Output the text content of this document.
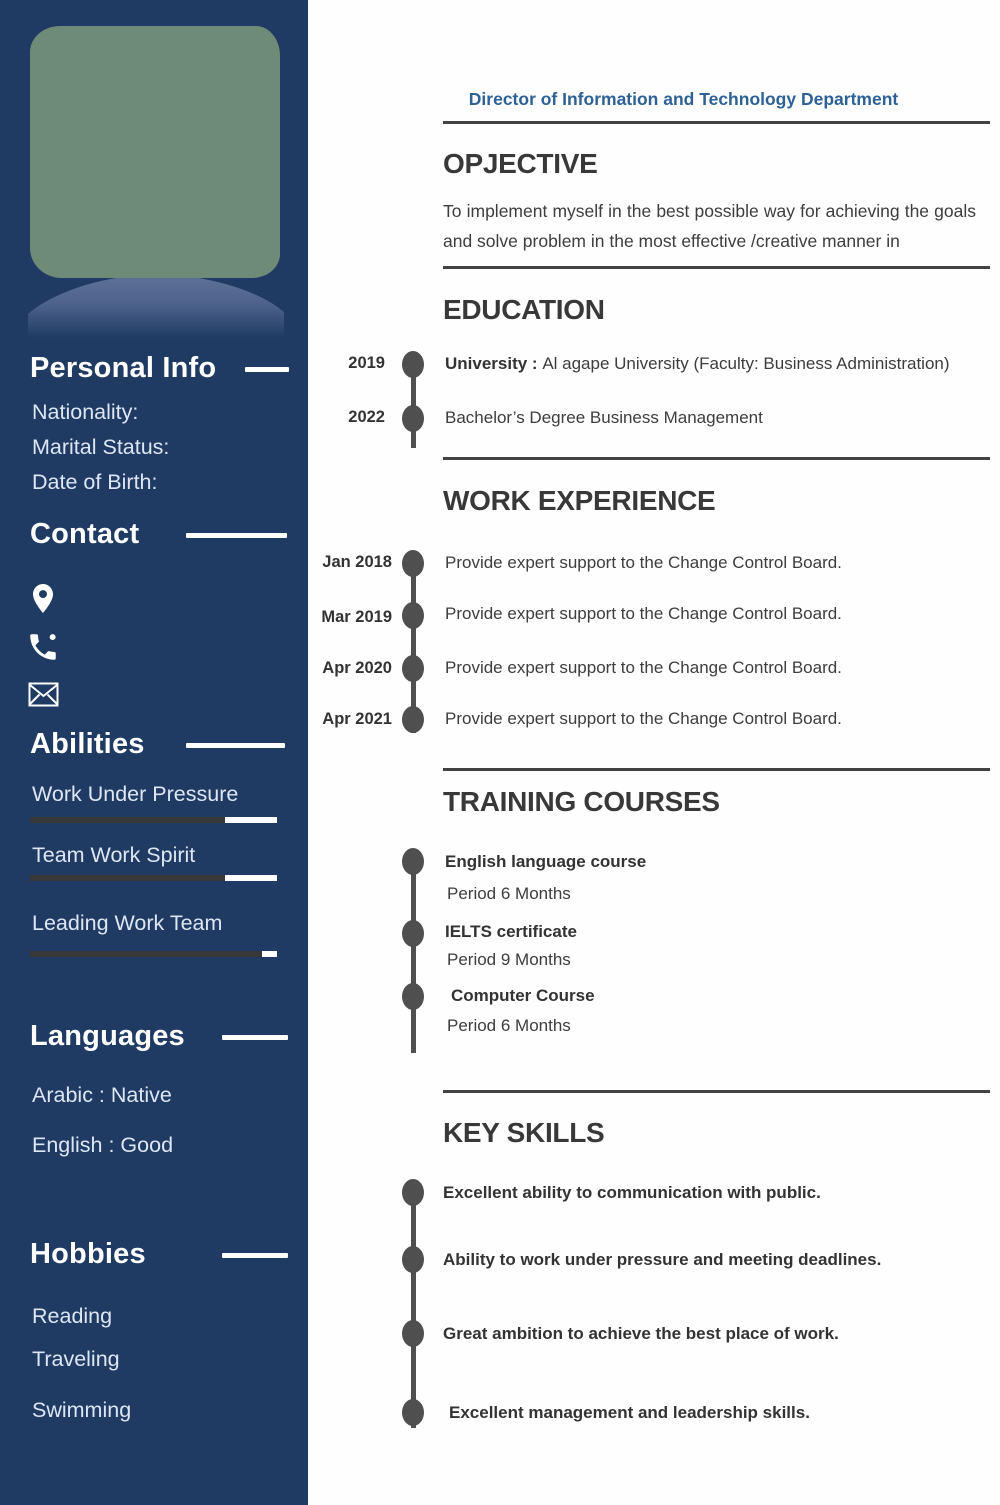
Personal Info
Nationality:
Marital Status:
Date of Birth:
Contact
Abilities
Work Under Pressure
Team Work Spirit
Leading Work Team
Languages
Arabic : Native
English : Good
Hobbies
Reading
Traveling
Swimming
Director of Information and Technology Department
OPJECTIVE
To implement myself in the best possible way for achieving the goals and solve problem in the most effective /creative manner in
EDUCATION
2019	University : Al agape University (Faculty: Business Administration)
2022	Bachelor’s Degree Business Management
WORK EXPERIENCE
Jan 2018	Provide expert support to the Change Control Board.
Mar 2019	Provide expert support to the Change Control Board.
Apr 2020	Provide expert support to the Change Control Board.
Apr 2021	Provide expert support to the Change Control Board.
TRAINING COURSES
English language course
Period 6 Months
IELTS certificate
Period 9 Months
Computer Course
Period 6 Months
KEY SKILLS
Excellent ability to communication with public.
Ability to work under pressure and meeting deadlines.
Great ambition to achieve the best place of work.
Excellent management and leadership skills.
